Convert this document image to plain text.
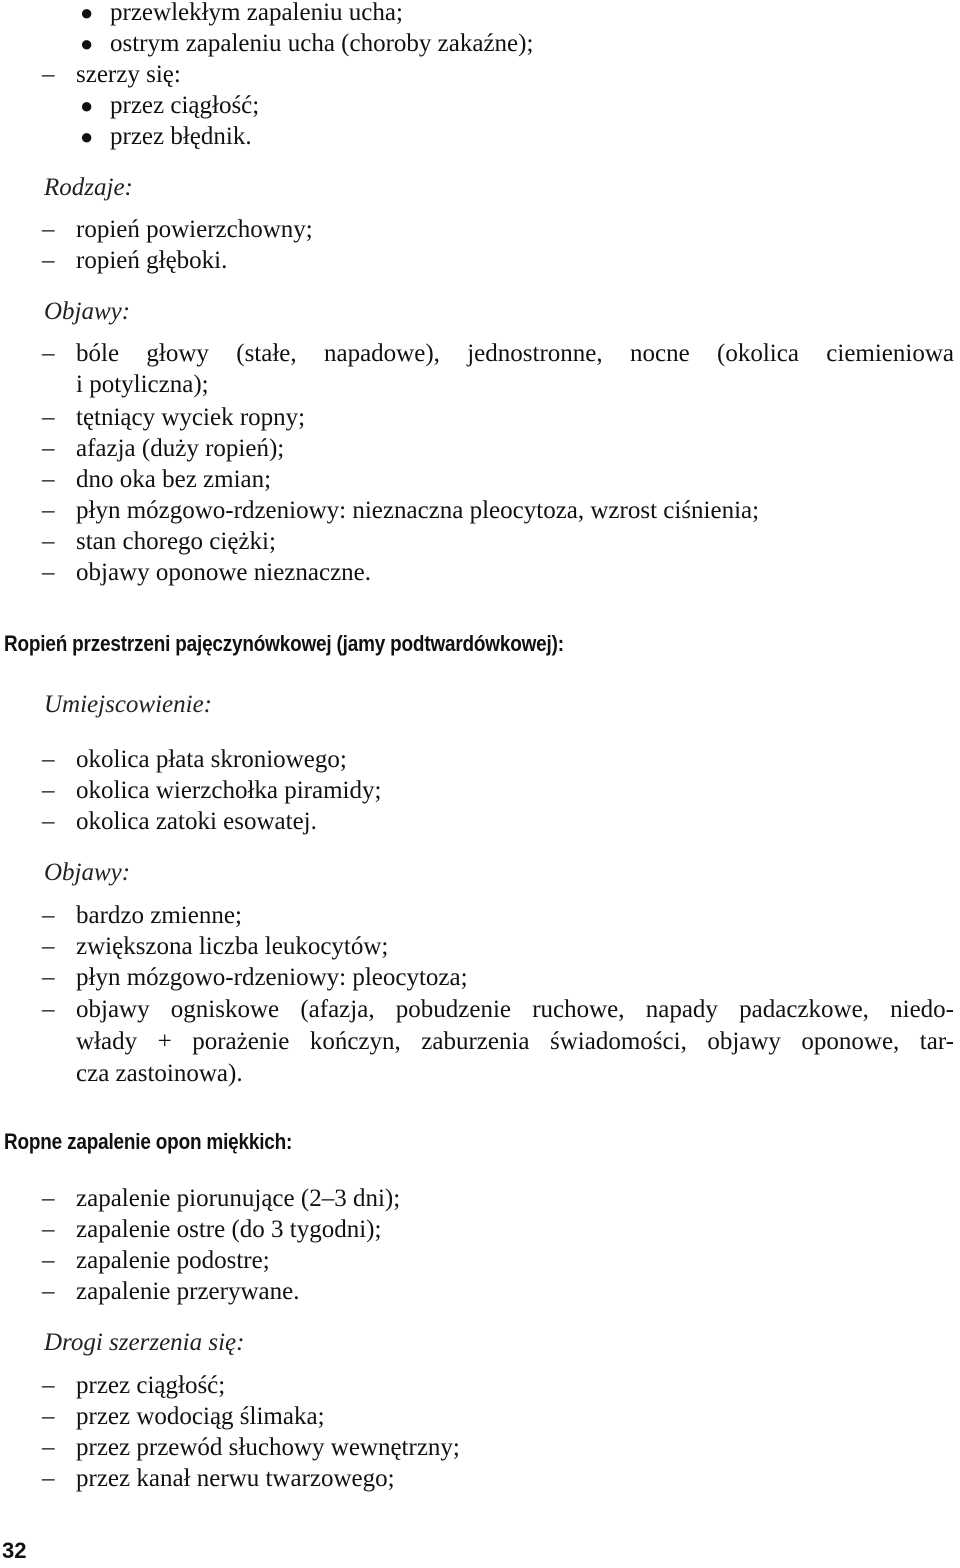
● przewlekłym zapaleniu ucha;
● ostrym zapaleniu ucha (choroby zakaźne);
– szerzy się:
● przez ciągłość;
● przez błędnik.
Rodzaje:
– ropień powierzchowny;
– ropień głęboki.
Objawy:
– bóle głowy (stałe, napadowe), jednostronne, nocne (okolica ciemieniowa
i potyliczna);
– tętniący wyciek ropny;
– afazja (duży ropień);
– dno oka bez zmian;
– płyn mózgowo-rdzeniowy: nieznaczna pleocytoza, wzrost ciśnienia;
– stan chorego ciężki;
– objawy oponowe nieznaczne.
Ropień przestrzeni pajęczynówkowej (jamy podtwardówkowej):
Umiejscowienie:
– okolica płata skroniowego;
– okolica wierzchołka piramidy;
– okolica zatoki esowatej.
Objawy:
– bardzo zmienne;
– zwiększona liczba leukocytów;
– płyn mózgowo-rdzeniowy: pleocytoza;
– objawy ogniskowe (afazja, pobudzenie ruchowe, napady padaczkowe, niedo-
włady + porażenie kończyn, zaburzenia świadomości, objawy oponowe, tar-
cza zastoinowa).
Ropne zapalenie opon miękkich:
– zapalenie piorunujące (2–3 dni);
– zapalenie ostre (do 3 tygodni);
– zapalenie podostre;
– zapalenie przerywane.
Drogi szerzenia się:
– przez ciągłość;
– przez wodociąg ślimaka;
– przez przewód słuchowy wewnętrzny;
– przez kanał nerwu twarzowego;
32
